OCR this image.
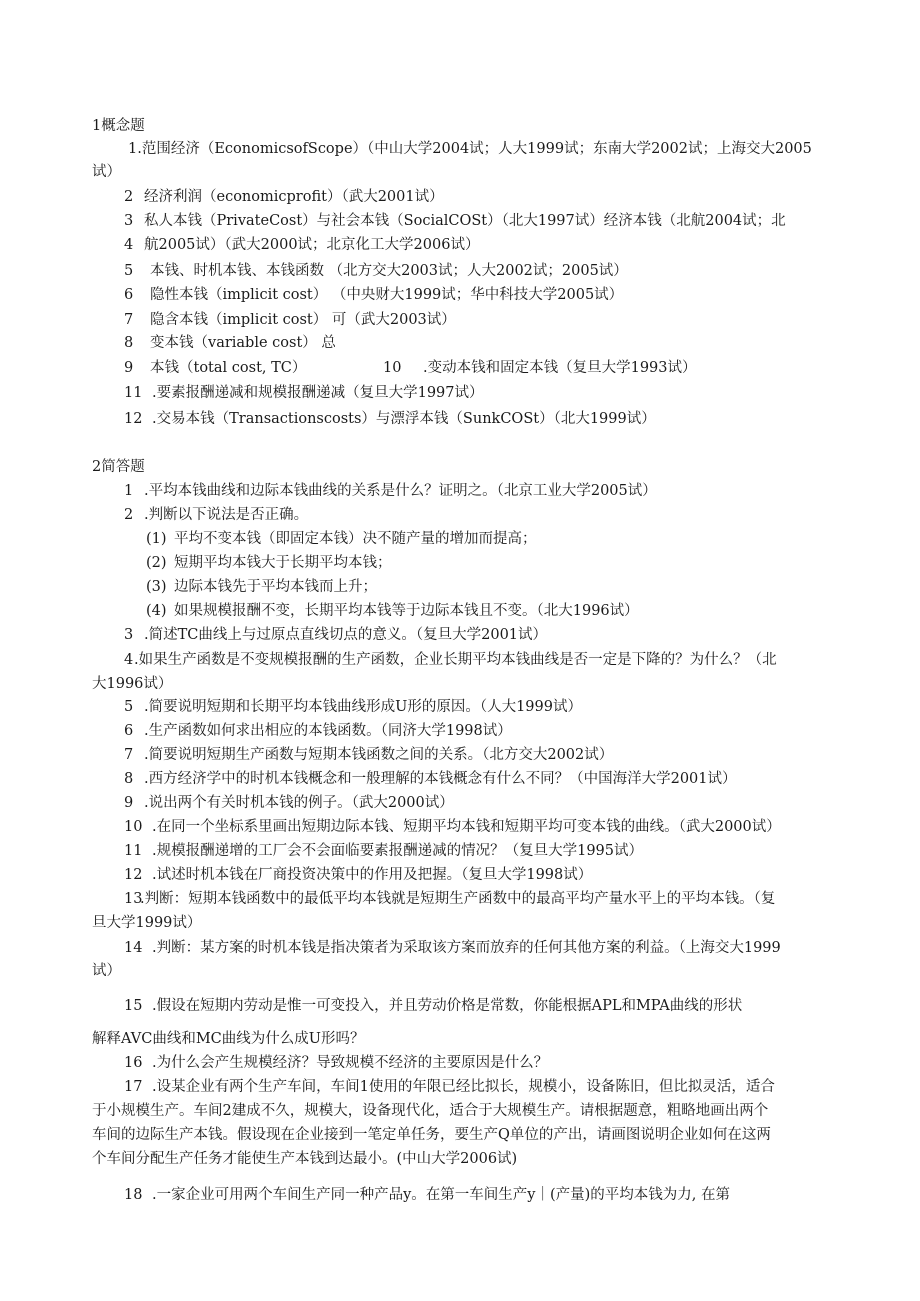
1概念题
1.范围经济（EconomicsofScope）（中山大学2004试；人大1999试；东南大学2002试；上海交大2005
试）
2 经济利润（economicprofit）（武大2001试）
3 私人本钱（PrivateCost）与社会本钱（SocialCOSt）（北大1997试）经济本钱（北航2004试；北
4 航2005试）（武大2000试；北京化工大学2006试）
5 本钱、时机本钱、本钱函数 （北方交大2003试；人大2002试；2005试）
6 隐性本钱（implicit cost） （中央财大1999试；华中科技大学2005试）
7 隐含本钱（implicit cost） 可（武大2003试）
8 变本钱（variable cost） 总
9 本钱（total cost, TC）	10 .变动本钱和固定本钱（复旦大学1993试）
11 .要素报酬递减和规模报酬递减（复旦大学1997试）
12 .交易本钱（Transactionscosts）与漂浮本钱（SunkCOSt）（北大1999试）
2简答题
1 .平均本钱曲线和边际本钱曲线的关系是什么？证明之。（北京工业大学2005试）
2 .判断以下说法是否正确。
(1) 平均不变本钱（即固定本钱）决不随产量的增加而提高；
(2) 短期平均本钱大于长期平均本钱；
(3) 边际本钱先于平均本钱而上升；
(4) 如果规模报酬不变，长期平均本钱等于边际本钱且不变。（北大1996试）
3 .简述TC曲线上与过原点直线切点的意义。（复旦大学2001试）
4.如果生产函数是不变规模报酬的生产函数，企业长期平均本钱曲线是否一定是下降的？为什么？（北
大1996试）
5 .简要说明短期和长期平均本钱曲线形成U形的原因。（人大1999试）
6 .生产函数如何求出相应的本钱函数。（同济大学1998试）
7 .简要说明短期生产函数与短期本钱函数之间的关系。（北方交大2002试）
8 .西方经济学中的时机本钱概念和一般理解的本钱概念有什么不同？（中国海洋大学2001试）
9 .说出两个有关时机本钱的例子。（武大2000试）
10 .在同一个坐标系里画出短期边际本钱、短期平均本钱和短期平均可变本钱的曲线。（武大2000试）
11 .规模报酬递增的工厂会不会面临要素报酬递减的情况？（复旦大学1995试）
12 .试述时机本钱在厂商投资决策中的作用及把握。（复旦大学1998试）
13.判断：短期本钱函数中的最低平均本钱就是短期生产函数中的最高平均产量水平上的平均本钱。（复
旦大学1999试）
14 .判断：某方案的时机本钱是指决策者为采取该方案而放弃的任何其他方案的利益。（上海交大1999
试）
15 .假设在短期内劳动是惟一可变投入，并且劳动价格是常数，你能根据APL和MPA曲线的形状
解释AVC曲线和MC曲线为什么成U形吗？
16 .为什么会产生规模经济？导致规模不经济的主要原因是什么？
17 .设某企业有两个生产车间，车间1使用的年限已经比拟长，规模小，设备陈旧，但比拟灵活，适合
于小规模生产。车间2建成不久，规模大，设备现代化，适合于大规模生产。请根据题意，粗略地画出两个
车间的边际生产本钱。假设现在企业接到一笔定单任务，要生产Q单位的产出，请画图说明企业如何在这两
个车间分配生产任务才能使生产本钱到达最小。(中山大学2006试)
18 .一家企业可用两个车间生产同一种产品y。在第一车间生产y｜(产量)的平均本钱为力, 在第
